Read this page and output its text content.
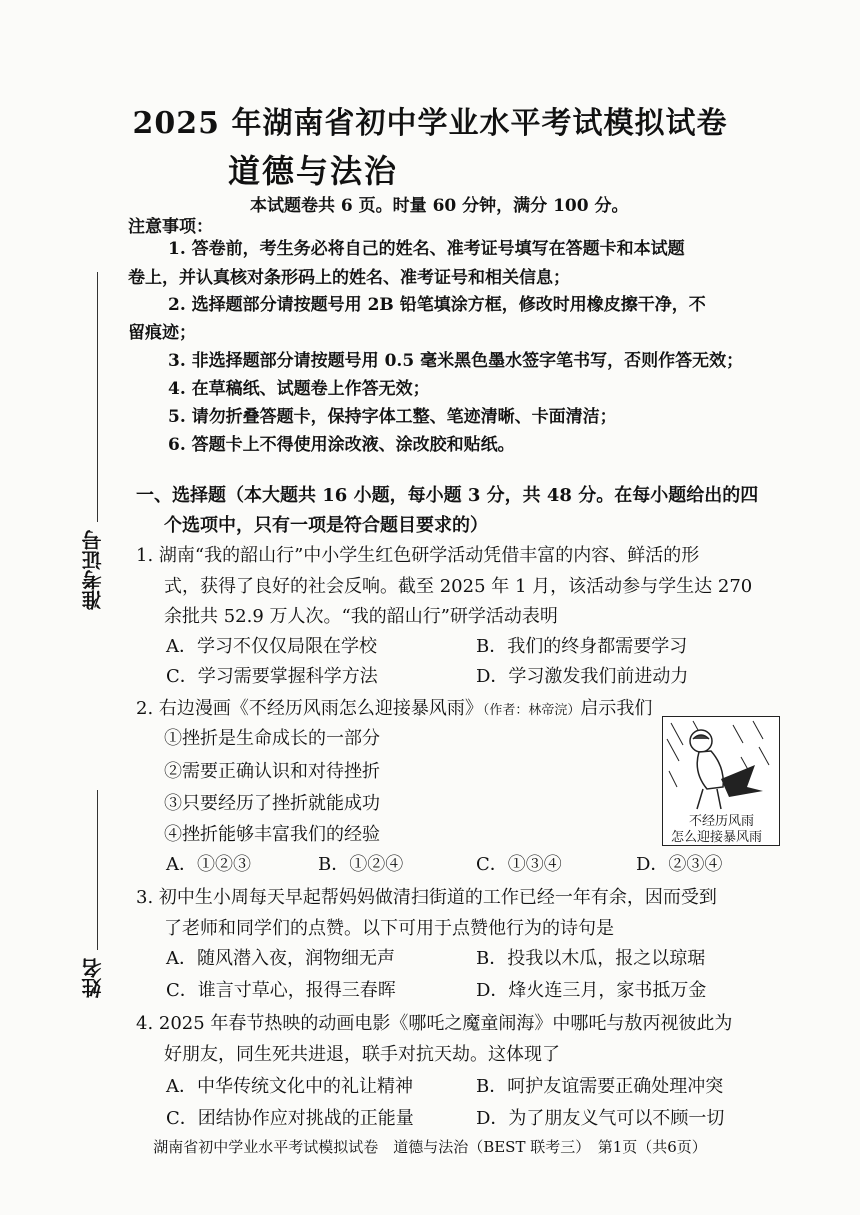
准考证号
姓名
2025 年湖南省初中学业水平考试模拟试卷
道德与法治
本试题卷共 6 页。时量 60 分钟，满分 100 分。
注意事项：
1. 答卷前，考生务必将自己的姓名、准考证号填写在答题卡和本试题
卷上，并认真核对条形码上的姓名、准考证号和相关信息；
2. 选择题部分请按题号用 2B 铅笔填涂方框，修改时用橡皮擦干净，不
留痕迹；
3. 非选择题部分请按题号用 0.5 毫米黑色墨水签字笔书写，否则作答无效；
4. 在草稿纸、试题卷上作答无效；
5. 请勿折叠答题卡，保持字体工整、笔迹清晰、卡面清洁；
6. 答题卡上不得使用涂改液、涂改胶和贴纸。
一、选择题（本大题共 16 小题，每小题 3 分，共 48 分。在每小题给出的四
个选项中，只有一项是符合题目要求的）
1. 湖南“我的韶山行”中小学生红色研学活动凭借丰富的内容、鲜活的形
式，获得了良好的社会反响。截至 2025 年 1 月，该活动参与学生达 270
余批共 52.9 万人次。“我的韶山行”研学活动表明
A．学习不仅仅局限在学校	B．我们的终身都需要学习
C．学习需要掌握科学方法	D．学习激发我们前进动力
2. 右边漫画《不经历风雨怎么迎接暴风雨》（作者：林帝浣）启示我们
①挫折是生命成长的一部分
②需要正确认识和对待挫折
③只要经历了挫折就能成功
④挫折能够丰富我们的经验
A．①②③	B．①②④	C．①③④	D．②③④
不经历风雨
怎么迎接暴风雨
3. 初中生小周每天早起帮妈妈做清扫街道的工作已经一年有余，因而受到
了老师和同学们的点赞。以下可用于点赞他行为的诗句是
A．随风潜入夜，润物细无声	B．投我以木瓜，报之以琼琚
C．谁言寸草心，报得三春晖	D．烽火连三月，家书抵万金
4. 2025 年春节热映的动画电影《哪吒之魔童闹海》中哪吒与敖丙视彼此为
好朋友，同生死共进退，联手对抗天劫。这体现了
A．中华传统文化中的礼让精神	B．呵护友谊需要正确处理冲突
C．团结协作应对挑战的正能量	D．为了朋友义气可以不顾一切
湖南省初中学业水平考试模拟试卷　道德与法治（BEST 联考三）　第1页（共6页）
